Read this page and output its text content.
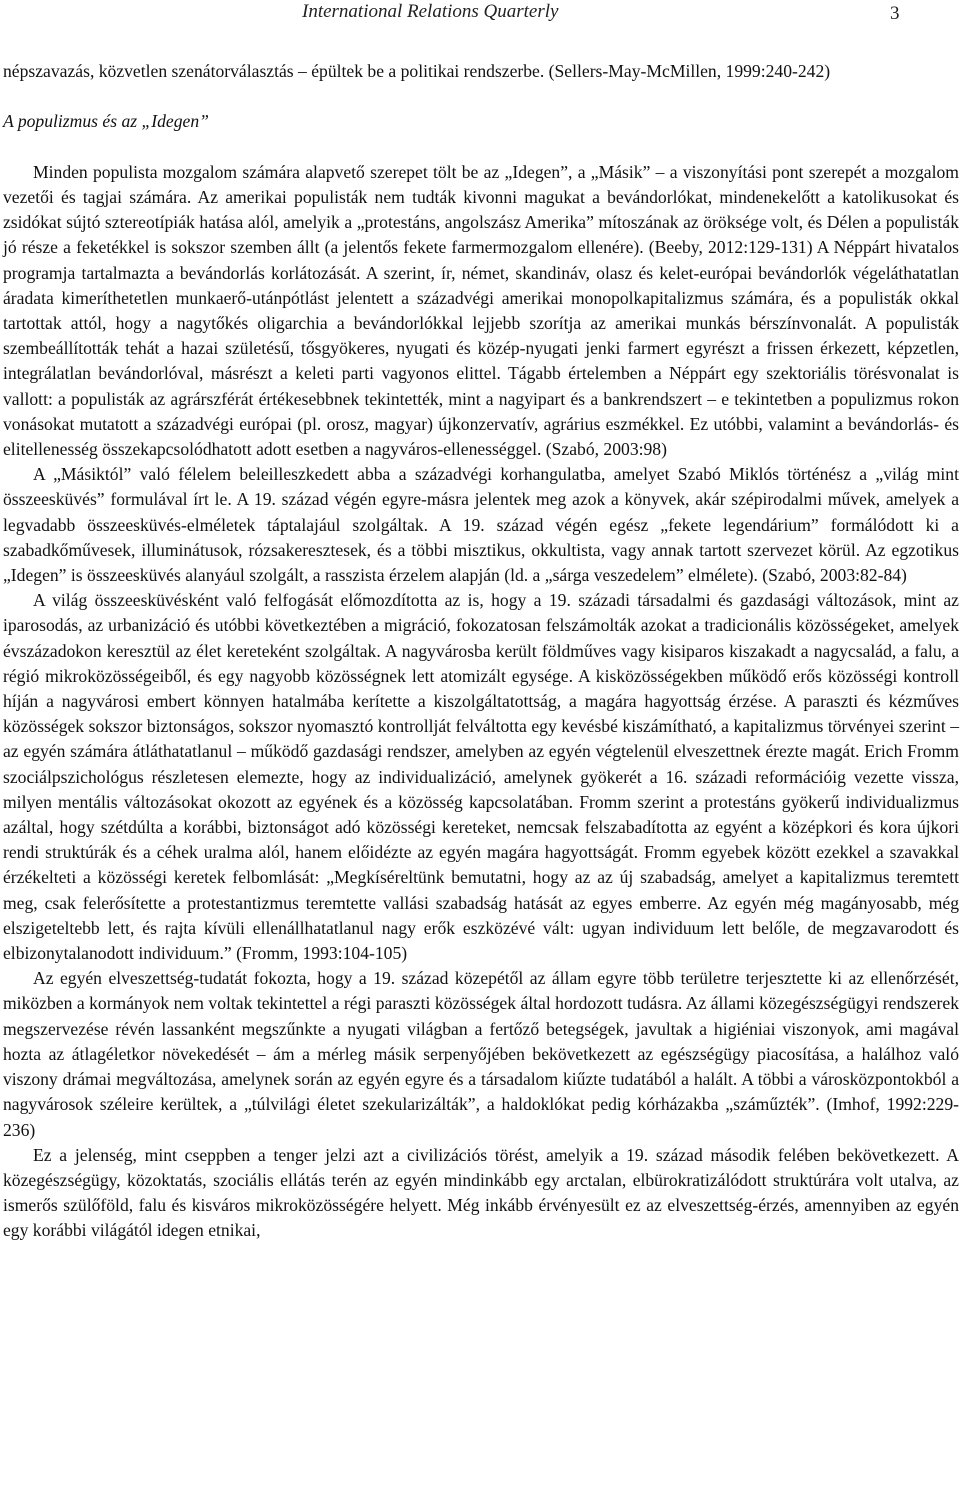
International Relations Quarterly	3

népszavazás, közvetlen szenátorválasztás – épültek be a politikai rendszerbe. (Sellers-May-McMillen, 1999:240-242)

A populizmus és az „Idegen”

Minden populista mozgalom számára alapvető szerepet tölt be az „Idegen”, a „Másik” – a viszonyítási pont szerepét a mozgalom vezetői és tagjai számára. Az amerikai populisták nem tudták kivonni magukat a bevándorlókat, mindenekelőtt a katolikusokat és zsidókat sújtó sztereotípiák hatása alól, amelyik a „protestáns, angolszász Amerika” mítoszának az öröksége volt, és Délen a populisták jó része a feketékkel is sokszor szemben állt (a jelentős fekete farmermozgalom ellenére). (Beeby, 2012:129-131) A Néppárt hivatalos programja tartalmazta a bevándorlás korlátozását. A szerint, ír, német, skandináv, olasz és kelet-európai bevándorlók végeláthatatlan áradata kimeríthetetlen munkaerő-utánpótlást jelentett a századvégi amerikai monopolkapitalizmus számára, és a populisták okkal tartottak attól, hogy a nagytőkés oligarchia a bevándorlókkal lejjebb szorítja az amerikai munkás bérszínvonalát. A populisták szembeállították tehát a hazai születésű, tősgyökeres, nyugati és közép-nyugati jenki farmert egyrészt a frissen érkezett, képzetlen, integrálatlan bevándorlóval, másrészt a keleti parti vagyonos elittel. Tágabb értelemben a Néppárt egy szektoriális törésvonalat is vallott: a populisták az agrárszférát értékesebbnek tekintették, mint a nagyipart és a bankrendszert – e tekintetben a populizmus rokon vonásokat mutatott a századvégi európai (pl. orosz, magyar) újkonzervatív, agrárius eszmékkel. Ez utóbbi, valamint a bevándorlás- és elitellenesség összekapcsolódhatott adott esetben a nagyváros-ellenességgel. (Szabó, 2003:98)

A „Másiktól” való félelem beleilleszkedett abba a századvégi korhangulatba, amelyet Szabó Miklós történész a „világ mint összeesküvés” formulával írt le. A 19. század végén egyre-másra jelentek meg azok a könyvek, akár szépirodalmi művek, amelyek a legvadabb összeesküvés-elméletek táptalajául szolgáltak. A 19. század végén egész „fekete legendárium” formálódott ki a szabadkőművesek, illuminátusok, rózsakeresztesek, és a többi misztikus, okkultista, vagy annak tartott szervezet körül. Az egzotikus „Idegen” is összeesküvés alanyául szolgált, a rasszista érzelem alapján (ld. a „sárga veszedelem” elmélete). (Szabó, 2003:82-84)

A világ összeesküvésként való felfogását előmozdította az is, hogy a 19. századi társadalmi és gazdasági változások, mint az iparosodás, az urbanizáció és utóbbi következtében a migráció, fokozatosan felszámolták azokat a tradicionális közösségeket, amelyek évszázadokon keresztül az élet kereteként szolgáltak. A nagyvárosba került földműves vagy kisiparos kiszakadt a nagycsalád, a falu, a régió mikroközösségeiből, és egy nagyobb közösségnek lett atomizált egysége. A kisközösségekben működő erős közösségi kontroll híján a nagyvárosi embert könnyen hatalmába kerítette a kiszolgáltatottság, a magára hagyottság érzése. A paraszti és kézműves közösségek sokszor biztonságos, sokszor nyomasztó kontrollját felváltotta egy kevésbé kiszámítható, a kapitalizmus törvényei szerint – az egyén számára átláthatatlanul – működő gazdasági rendszer, amelyben az egyén végtelenül elveszettnek érezte magát. Erich Fromm szociálpszichológus részletesen elemezte, hogy az individualizáció, amelynek gyökerét a 16. századi reformációig vezette vissza, milyen mentális változásokat okozott az egyének és a közösség kapcsolatában. Fromm szerint a protestáns gyökerű individualizmus azáltal, hogy szétdúlta a korábbi, biztonságot adó közösségi kereteket, nemcsak felszabadította az egyént a középkori és kora újkori rendi struktúrák és a céhek uralma alól, hanem előidézte az egyén magára hagyottságát. Fromm egyebek között ezekkel a szavakkal érzékelteti a közösségi keretek felbomlását: „Megkíséreltünk bemutatni, hogy az az új szabadság, amelyet a kapitalizmus teremtett meg, csak felerősítette a protestantizmus teremtette vallási szabadság hatását az egyes emberre. Az egyén még magányosabb, még elszigeteltebb lett, és rajta kívüli ellenállhatatlanul nagy erők eszközévé vált: ugyan individuum lett belőle, de megzavarodott és elbizonytalanodott individuum.” (Fromm, 1993:104-105)

Az egyén elveszettség-tudatát fokozta, hogy a 19. század közepétől az állam egyre több területre terjesztette ki az ellenőrzését, miközben a kormányok nem voltak tekintettel a régi paraszti közösségek által hordozott tudásra. Az állami közegészségügyi rendszerek megszervezése révén lassanként megszűnkte a nyugati világban a fertőző betegségek, javultak a higiéniai viszonyok, ami magával hozta az átlagéletkor növekedését – ám a mérleg másik serpenyőjében bekövetkezett az egészségügy piacosítása, a halálhoz való viszony drámai megváltozása, amelynek során az egyén egyre és a társadalom kiűzte tudatából a halált. A többi a városközpontokból a nagyvárosok széleire kerültek, a „túlvilági életet szekularizálták”, a haldoklókat pedig kórházakba „száműzték”. (Imhof, 1992:229-236)

Ez a jelenség, mint cseppben a tenger jelzi azt a civilizációs törést, amelyik a 19. század második felében bekövetkezett. A közegészségügy, közoktatás, szociális ellátás terén az egyén mindinkább egy arctalan, elbürokratizálódott struktúrára volt utalva, az ismerős szülőföld, falu és kisváros mikroközösségére helyett. Még inkább érvényesült ez az elveszettség-érzés, amennyiben az egyén egy korábbi világától idegen etnikai,
